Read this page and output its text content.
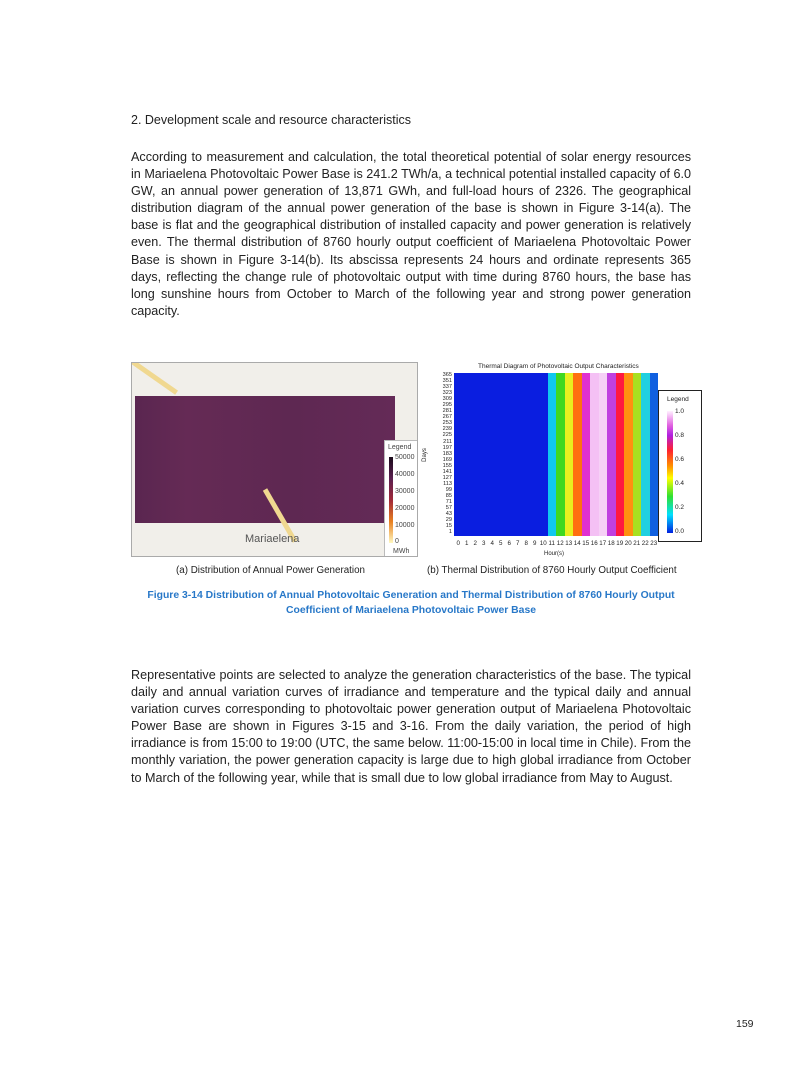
2. Development scale and resource characteristics
According to measurement and calculation, the total theoretical potential of solar energy resources in Mariaelena Photovoltaic Power Base is 241.2 TWh/a, a technical potential installed capacity of 6.0 GW, an annual power generation of 13,871 GWh, and full-load hours of 2326. The geographical distribution diagram of the annual power generation of the base is shown in Figure 3-14(a). The base is flat and the geographical distribution of installed capacity and power generation is relatively even. The thermal distribution of 8760 hourly output coefficient of Mariaelena Photovoltaic Power Base is shown in Figure 3-14(b). Its abscissa represents 24 hours and ordinate represents 365 days, reflecting the change rule of photovoltaic output with time during 8760 hours, the base has long sunshine hours from October to March of the following year and strong power generation capacity.
Mariaelena
Legend
50000
40000
30000
20000
10000
0
MWh
Thermal Diagram of Photovoltaic Output Characteristics
Days
365
351
337
323
309
295
281
267
253
239
225
211
197
183
169
155
141
127
113
99
85
71
57
43
29
15
1
0 1 2 3 4 5 6 7 8 9 10 11 12 13 14 15 16 17 18 19 20 21 22 23
Hour(s)
Legend
1.0
0.8
0.6
0.4
0.2
0.0
(a) Distribution of Annual Power Generation	(b) Thermal Distribution of 8760 Hourly Output Coefficient
Figure 3-14 Distribution of Annual Photovoltaic Generation and Thermal Distribution of 8760 Hourly Output Coefficient of Mariaelena Photovoltaic Power Base
Representative points are selected to analyze the generation characteristics of the base. The typical daily and annual variation curves of irradiance and temperature and the typical daily and annual variation curves corresponding to photovoltaic power generation output of Mariaelena Photovoltaic Power Base are shown in Figures 3-15 and 3-16. From the daily variation, the period of high irradiance is from 15:00 to 19:00 (UTC, the same below. 11:00-15:00 in local time in Chile). From the monthly variation, the power generation capacity is large due to high global irradiance from October to March of the following year, while that is small due to low global irradiance from May to August.
159
